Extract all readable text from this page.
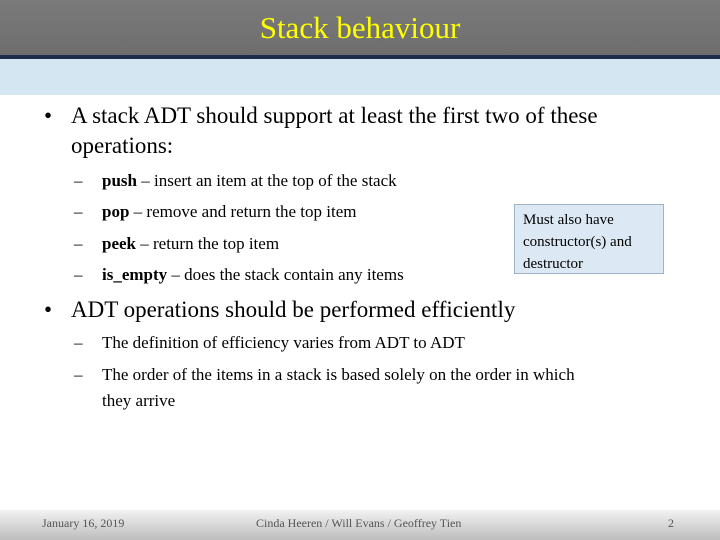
Stack behaviour
• A stack ADT should support at least the first two of these
operations:
– push – insert an item at the top of the stack
– pop – remove and return the top item
– peek – return the top item
– is_empty – does the stack contain any items
Must also have
constructor(s) and
destructor
• ADT operations should be performed efficiently
– The definition of efficiency varies from ADT to ADT
– The order of the items in a stack is based solely on the order in which
they arrive
January 16, 2019	Cinda Heeren / Will Evans / Geoffrey Tien	2
